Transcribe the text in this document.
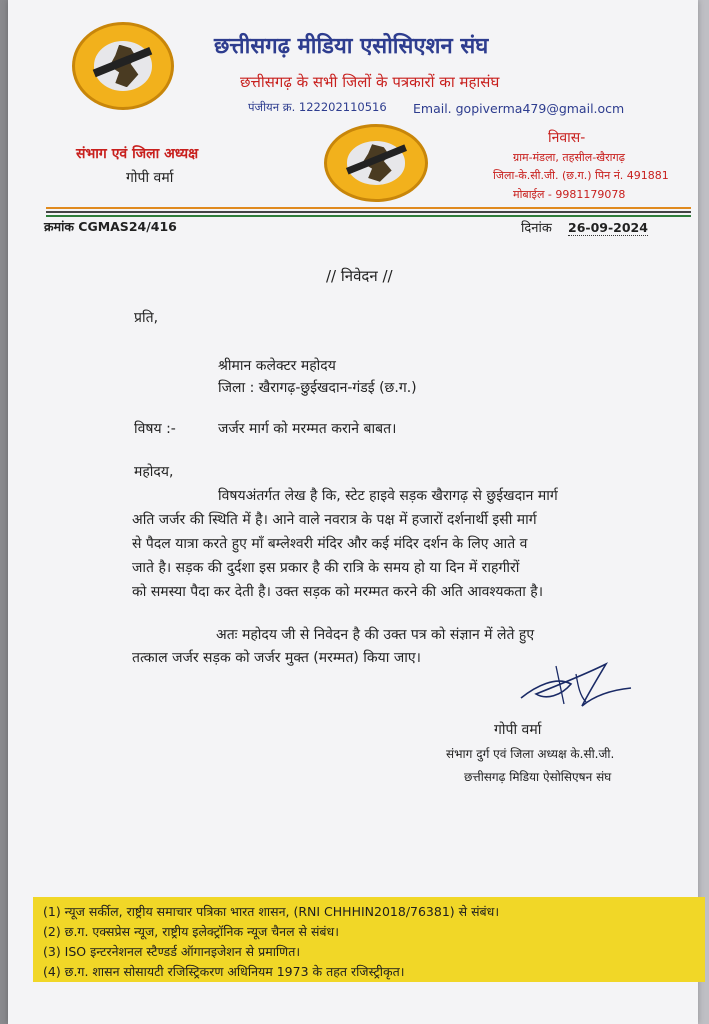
छत्तीसगढ़ मीडिया एसोसिएशन संघ
छत्तीसगढ़ के सभी जिलों के पत्रकारों का महासंघ
पंजीयन क्र. 122202110516 Email. gopiverma479@gmail.ocm
संभाग एवं जिला अध्यक्ष
गोपी वर्मा
निवास-
ग्राम-मंडला, तहसील-खैरागढ़
जिला-के.सी.जी. (छ.ग.) पिन नं. 491881
मोबाईल - 9981179078
क्रमांक CGMAS24/416	दिनांक 26-09-2024
// निवेदन //
प्रति,
श्रीमान कलेक्टर महोदय
जिला : खैरागढ़-छुईखदान-गंडई (छ.ग.)
विषय :-	जर्जर मार्ग को मरम्मत कराने बाबत।
महोदय,
विषयअंतर्गत लेख है कि, स्टेट हाइवे सड़क खैरागढ़ से छुईखदान मार्ग
अति जर्जर की स्थिति में है। आने वाले नवरात्र के पक्ष में हजारों दर्शनार्थी इसी मार्ग
से पैदल यात्रा करते हुए माँ बम्लेश्वरी मंदिर और कई मंदिर दर्शन के लिए आते व
जाते है। सड़क की दुर्दशा इस प्रकार है की रात्रि के समय हो या दिन में राहगीरों
को समस्या पैदा कर देती है। उक्त सड़क को मरम्मत करने की अति आवश्यकता है।
अतः महोदय जी से निवेदन है की उक्त पत्र को संज्ञान में लेते हुए
तत्काल जर्जर सड़क को जर्जर मुक्त (मरम्मत) किया जाए।
गोपी वर्मा
संभाग दुर्ग एवं जिला अध्यक्ष के.सी.जी.
छत्तीसगढ़ मिडिया ऐसोसिएषन संघ
(1) न्यूज सर्कील, राष्ट्रीय समाचार पत्रिका भारत शासन, (RNI CHHHIN2018/76381) से संबंध।
(2) छ.ग. एक्सप्रेस न्यूज, राष्ट्रीय इलेक्ट्रॉनिक न्यूज चैनल से संबंध।
(3) ISO इन्टरनेशनल स्टैण्डर्ड ऑगानइजेशन से प्रमाणित।
(4) छ.ग. शासन सोसायटी रजिस्ट्रिकरण अधिनियम 1973 के तहत रजिस्ट्रीकृत।
